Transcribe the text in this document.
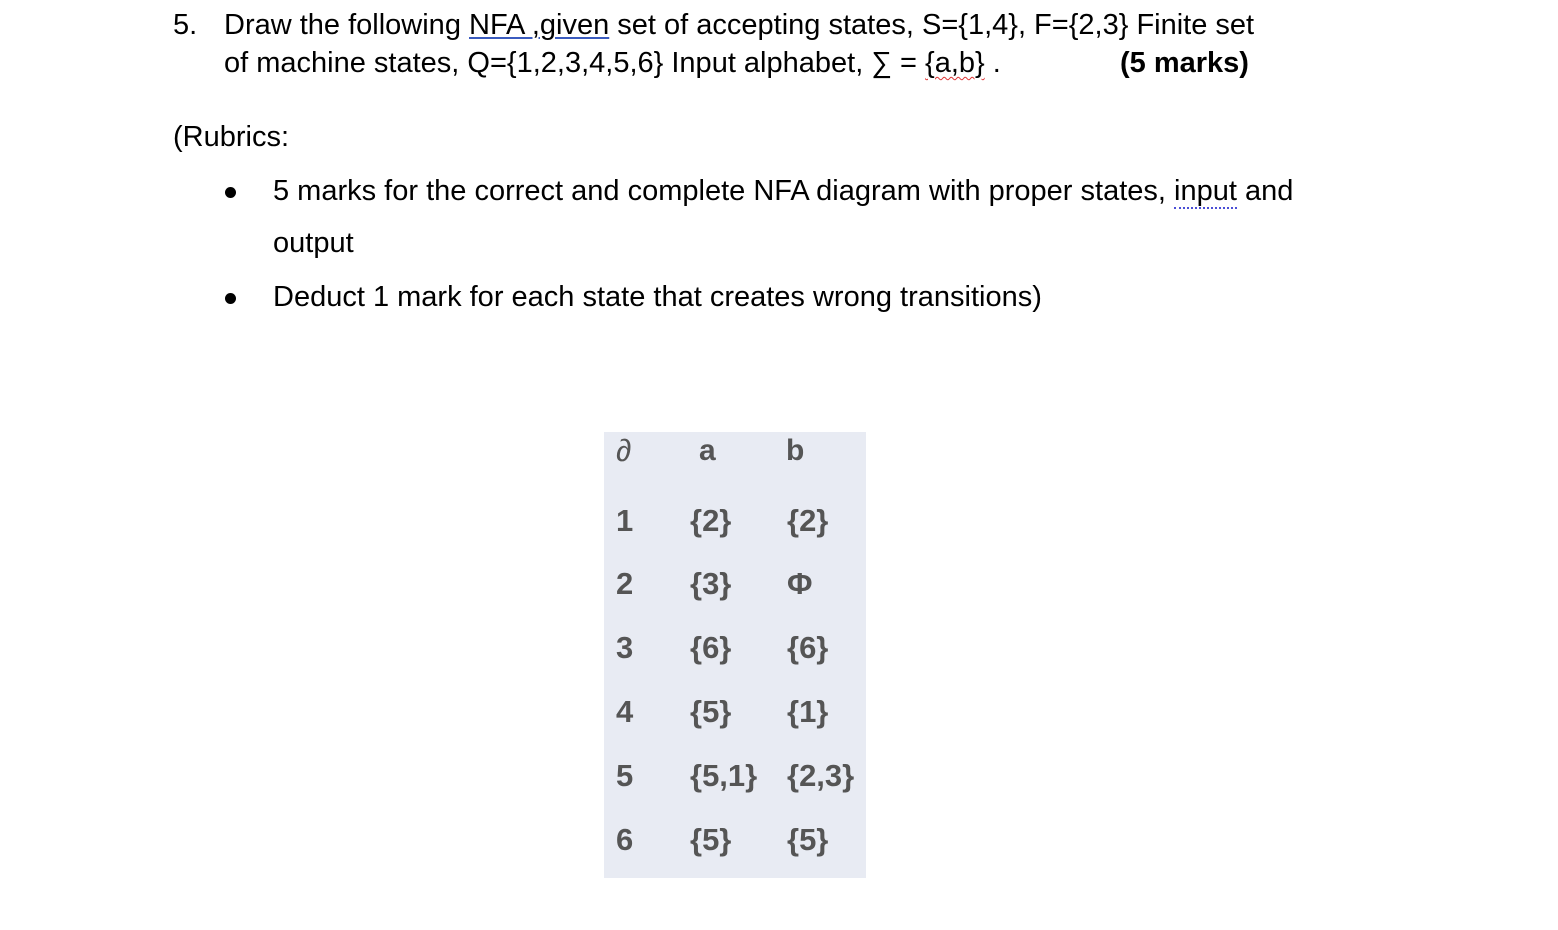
5. Draw the following NFA ,given set of accepting states, S={1,4}, F={2,3} Finite set
of machine states, Q={1,2,3,4,5,6} Input alphabet, ∑ = {a,b} .	(5 marks)
(Rubrics:
5 marks for the correct and complete NFA diagram with proper states, input and
output
Deduct 1 mark for each state that creates wrong transitions)
∂ a b
1 {2} {2}
2 {3} Φ
3 {6} {6}
4 {5} {1}
5 {5,1} {2,3}
6 {5} {5}
